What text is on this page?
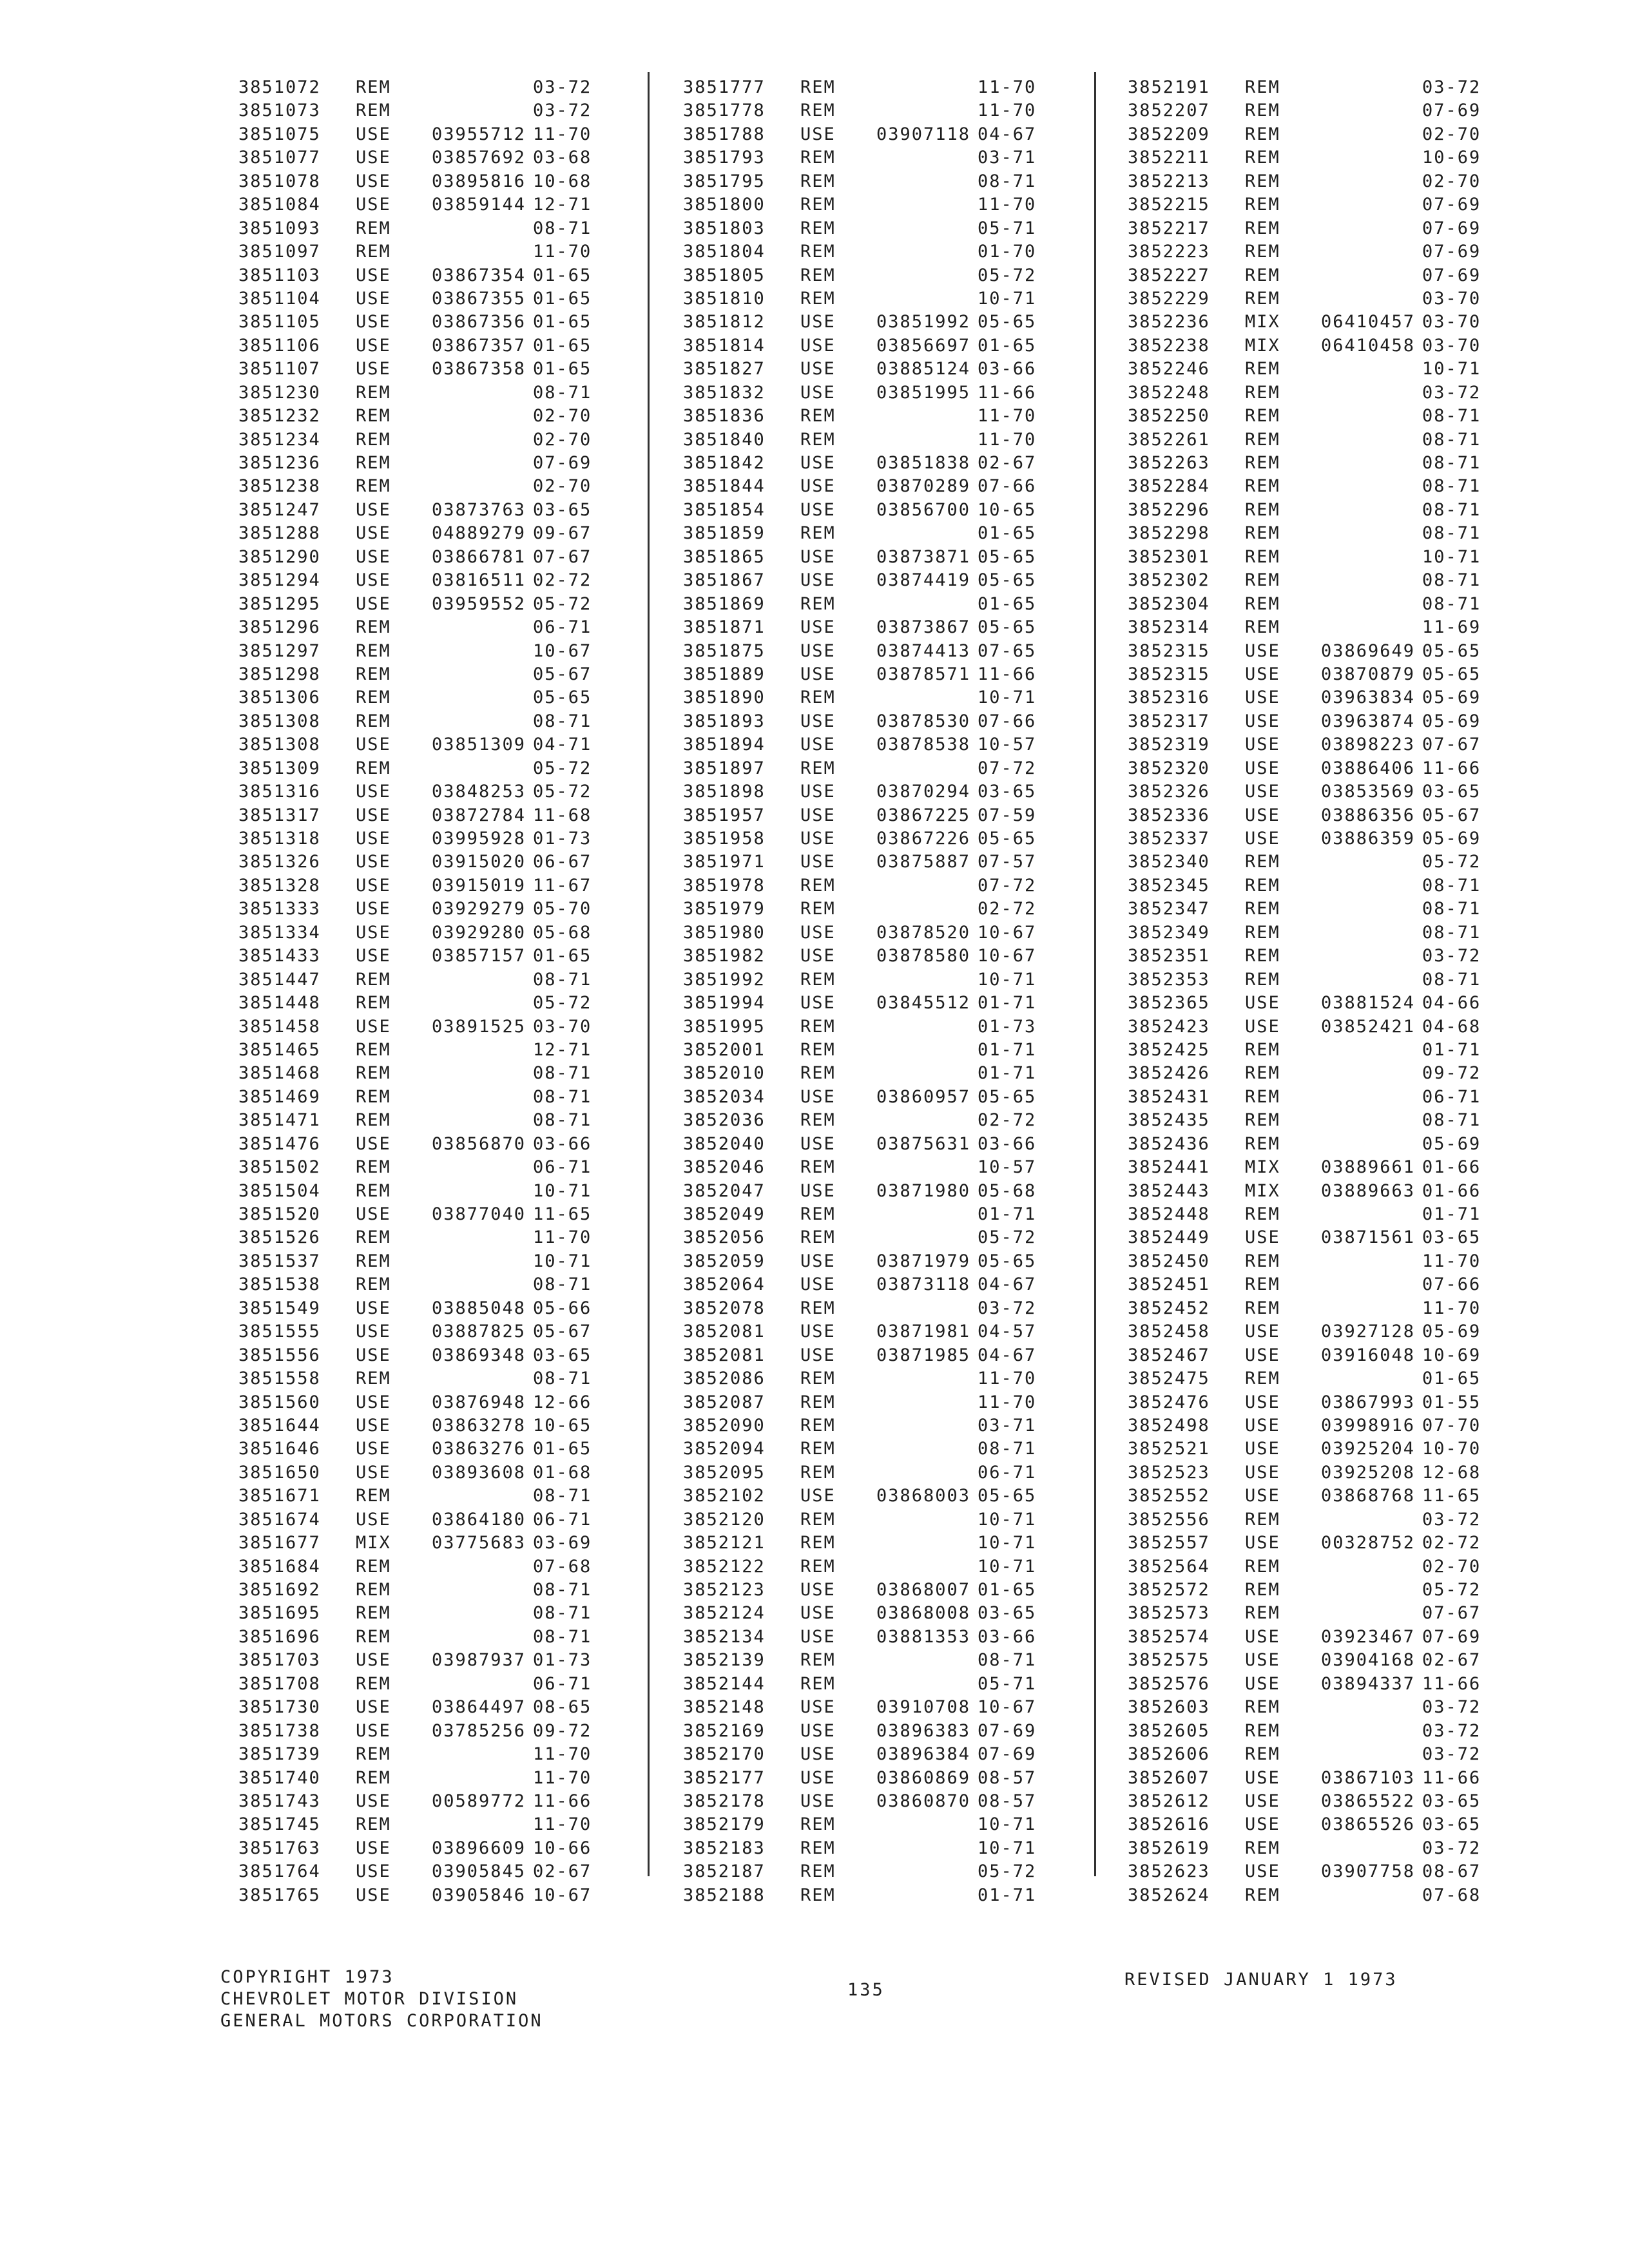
3851072 REM	03-72
3851073 REM	03-72
3851075 USE 03955712 11-70
3851077 USE 03857692 03-68
3851078 USE 03895816 10-68
3851084 USE 03859144 12-71
3851093 REM	08-71
3851097 REM	11-70
3851103 USE 03867354 01-65
3851104 USE 03867355 01-65
3851105 USE 03867356 01-65
3851106 USE 03867357 01-65
3851107 USE 03867358 01-65
3851230 REM	08-71
3851232 REM	02-70
3851234 REM	02-70
3851236 REM	07-69
3851238 REM	02-70
3851247 USE 03873763 03-65
3851288 USE 04889279 09-67
3851290 USE 03866781 07-67
3851294 USE 03816511 02-72
3851295 USE 03959552 05-72
3851296 REM	06-71
3851297 REM	10-67
3851298 REM	05-67
3851306 REM	05-65
3851308 REM	08-71
3851308 USE 03851309 04-71
3851309 REM	05-72
3851316 USE 03848253 05-72
3851317 USE 03872784 11-68
3851318 USE 03995928 01-73
3851326 USE 03915020 06-67
3851328 USE 03915019 11-67
3851333 USE 03929279 05-70
3851334 USE 03929280 05-68
3851433 USE 03857157 01-65
3851447 REM	08-71
3851448 REM	05-72
3851458 USE 03891525 03-70
3851465 REM	12-71
3851468 REM	08-71
3851469 REM	08-71
3851471 REM	08-71
3851476 USE 03856870 03-66
3851502 REM	06-71
3851504 REM	10-71
3851520 USE 03877040 11-65
3851526 REM	11-70
3851537 REM	10-71
3851538 REM	08-71
3851549 USE 03885048 05-66
3851555 USE 03887825 05-67
3851556 USE 03869348 03-65
3851558 REM	08-71
3851560 USE 03876948 12-66
3851644 USE 03863278 10-65
3851646 USE 03863276 01-65
3851650 USE 03893608 01-68
3851671 REM	08-71
3851674 USE 03864180 06-71
3851677 MIX 03775683 03-69
3851684 REM	07-68
3851692 REM	08-71
3851695 REM	08-71
3851696 REM	08-71
3851703 USE 03987937 01-73
3851708 REM	06-71
3851730 USE 03864497 08-65
3851738 USE 03785256 09-72
3851739 REM	11-70
3851740 REM	11-70
3851743 USE 00589772 11-66
3851745 REM	11-70
3851763 USE 03896609 10-66
3851764 USE 03905845 02-67
3851765 USE 03905846 10-67
3851777 REM	11-70
3851778 REM	11-70
3851788 USE 03907118 04-67
3851793 REM	03-71
3851795 REM	08-71
3851800 REM	11-70
3851803 REM	05-71
3851804 REM	01-70
3851805 REM	05-72
3851810 REM	10-71
3851812 USE 03851992 05-65
3851814 USE 03856697 01-65
3851827 USE 03885124 03-66
3851832 USE 03851995 11-66
3851836 REM	11-70
3851840 REM	11-70
3851842 USE 03851838 02-67
3851844 USE 03870289 07-66
3851854 USE 03856700 10-65
3851859 REM	01-65
3851865 USE 03873871 05-65
3851867 USE 03874419 05-65
3851869 REM	01-65
3851871 USE 03873867 05-65
3851875 USE 03874413 07-65
3851889 USE 03878571 11-66
3851890 REM	10-71
3851893 USE 03878530 07-66
3851894 USE 03878538 10-57
3851897 REM	07-72
3851898 USE 03870294 03-65
3851957 USE 03867225 07-59
3851958 USE 03867226 05-65
3851971 USE 03875887 07-57
3851978 REM	07-72
3851979 REM	02-72
3851980 USE 03878520 10-67
3851982 USE 03878580 10-67
3851992 REM	10-71
3851994 USE 03845512 01-71
3851995 REM	01-73
3852001 REM	01-71
3852010 REM	01-71
3852034 USE 03860957 05-65
3852036 REM	02-72
3852040 USE 03875631 03-66
3852046 REM	10-57
3852047 USE 03871980 05-68
3852049 REM	01-71
3852056 REM	05-72
3852059 USE 03871979 05-65
3852064 USE 03873118 04-67
3852078 REM	03-72
3852081 USE 03871981 04-57
3852081 USE 03871985 04-67
3852086 REM	11-70
3852087 REM	11-70
3852090 REM	03-71
3852094 REM	08-71
3852095 REM	06-71
3852102 USE 03868003 05-65
3852120 REM	10-71
3852121 REM	10-71
3852122 REM	10-71
3852123 USE 03868007 01-65
3852124 USE 03868008 03-65
3852134 USE 03881353 03-66
3852139 REM	08-71
3852144 REM	05-71
3852148 USE 03910708 10-67
3852169 USE 03896383 07-69
3852170 USE 03896384 07-69
3852177 USE 03860869 08-57
3852178 USE 03860870 08-57
3852179 REM	10-71
3852183 REM	10-71
3852187 REM	05-72
3852188 REM	01-71
3852191 REM	03-72
3852207 REM	07-69
3852209 REM	02-70
3852211 REM	10-69
3852213 REM	02-70
3852215 REM	07-69
3852217 REM	07-69
3852223 REM	07-69
3852227 REM	07-69
3852229 REM	03-70
3852236 MIX 06410457 03-70
3852238 MIX 06410458 03-70
3852246 REM	10-71
3852248 REM	03-72
3852250 REM	08-71
3852261 REM	08-71
3852263 REM	08-71
3852284 REM	08-71
3852296 REM	08-71
3852298 REM	08-71
3852301 REM	10-71
3852302 REM	08-71
3852304 REM	08-71
3852314 REM	11-69
3852315 USE 03869649 05-65
3852315 USE 03870879 05-65
3852316 USE 03963834 05-69
3852317 USE 03963874 05-69
3852319 USE 03898223 07-67
3852320 USE 03886406 11-66
3852326 USE 03853569 03-65
3852336 USE 03886356 05-67
3852337 USE 03886359 05-69
3852340 REM	05-72
3852345 REM	08-71
3852347 REM	08-71
3852349 REM	08-71
3852351 REM	03-72
3852353 REM	08-71
3852365 USE 03881524 04-66
3852423 USE 03852421 04-68
3852425 REM	01-71
3852426 REM	09-72
3852431 REM	06-71
3852435 REM	08-71
3852436 REM	05-69
3852441 MIX 03889661 01-66
3852443 MIX 03889663 01-66
3852448 REM	01-71
3852449 USE 03871561 03-65
3852450 REM	11-70
3852451 REM	07-66
3852452 REM	11-70
3852458 USE 03927128 05-69
3852467 USE 03916048 10-69
3852475 REM	01-65
3852476 USE 03867993 01-55
3852498 USE 03998916 07-70
3852521 USE 03925204 10-70
3852523 USE 03925208 12-68
3852552 USE 03868768 11-65
3852556 REM	03-72
3852557 USE 00328752 02-72
3852564 REM	02-70
3852572 REM	05-72
3852573 REM	07-67
3852574 USE 03923467 07-69
3852575 USE 03904168 02-67
3852576 USE 03894337 11-66
3852603 REM	03-72
3852605 REM	03-72
3852606 REM	03-72
3852607 USE 03867103 11-66
3852612 USE 03865522 03-65
3852616 USE 03865526 03-65
3852619 REM	03-72
3852623 USE 03907758 08-67
3852624 REM	07-68
COPYRIGHT 1973
CHEVROLET MOTOR DIVISION
GENERAL MOTORS CORPORATION
135
REVISED JANUARY 1 1973
